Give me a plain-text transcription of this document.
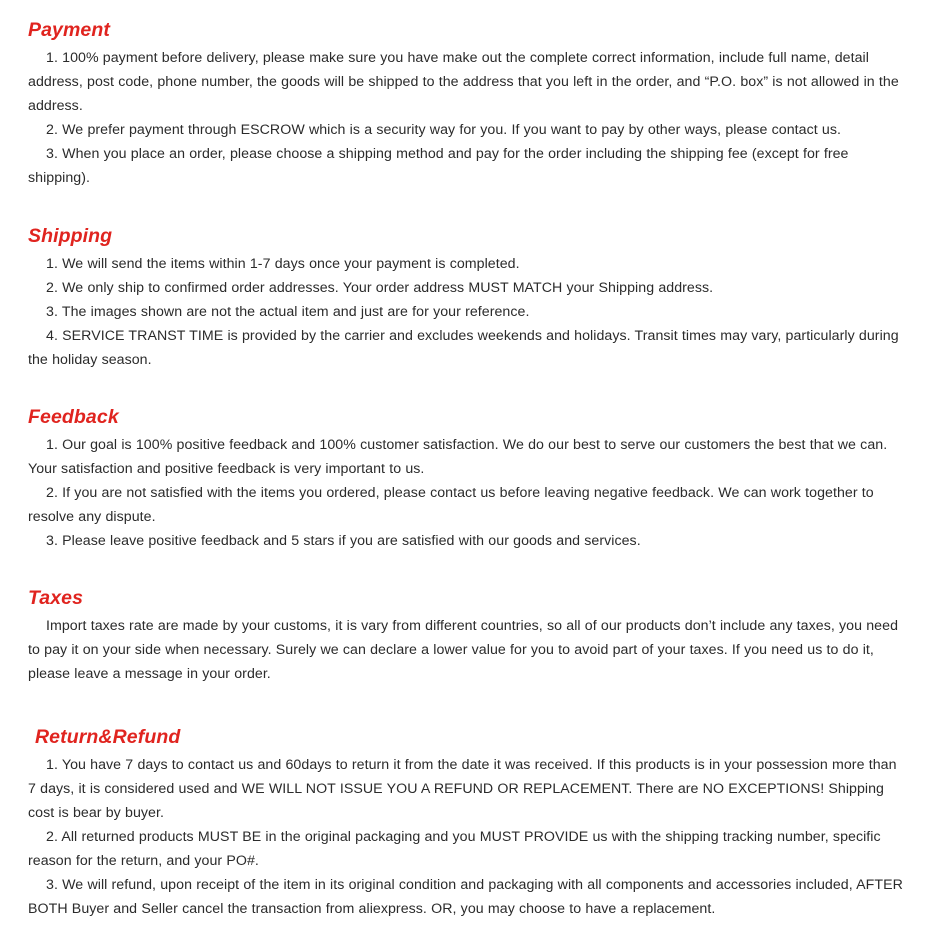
Payment

1. 100% payment before delivery, please make sure you have make out the complete correct information, include full name, detail address, post code, phone number, the goods will be shipped to the address that you left in the order, and “P.O. box” is not allowed in the address.

2. We prefer payment through ESCROW which is a security way for you. If you want to pay by other ways, please contact us.

3. When you place an order, please choose a shipping method and pay for the order including the shipping fee (except for free shipping).

Shipping

1. We will send the items within 1-7 days once your payment is completed.

2. We only ship to confirmed order addresses. Your order address MUST MATCH your Shipping address.

3. The images shown are not the actual item and just are for your reference.

4. SERVICE TRANST TIME is provided by the carrier and excludes weekends and holidays. Transit times may vary, particularly during the holiday season.

Feedback

1. Our goal is 100% positive feedback and 100% customer satisfaction. We do our best to serve our customers the best that we can. Your satisfaction and positive feedback is very important to us.

2. If you are not satisfied with the items you ordered, please contact us before leaving negative feedback. We can work together to resolve any dispute.

3. Please leave positive feedback and 5 stars if you are satisfied with our goods and services.

Taxes

Import taxes rate are made by your customs, it is vary from different countries, so all of our products don’t include any taxes, you need to pay it on your side when necessary. Surely we can declare a lower value for you to avoid part of your taxes. If you need us to do it, please leave a message in your order.

Return&Refund

1. You have 7 days to contact us and 60days to return it from the date it was received. If this products is in your possession more than 7 days, it is considered used and WE WILL NOT ISSUE YOU A REFUND OR REPLACEMENT. There are NO EXCEPTIONS! Shipping cost is bear by buyer.

2. All returned products MUST BE in the original packaging and you MUST PROVIDE us with the shipping tracking number, specific reason for the return, and your PO#.

3. We will refund, upon receipt of the item in its original condition and packaging with all components and accessories included, AFTER BOTH Buyer and Seller cancel the transaction from aliexpress. OR, you may choose to have a replacement.
